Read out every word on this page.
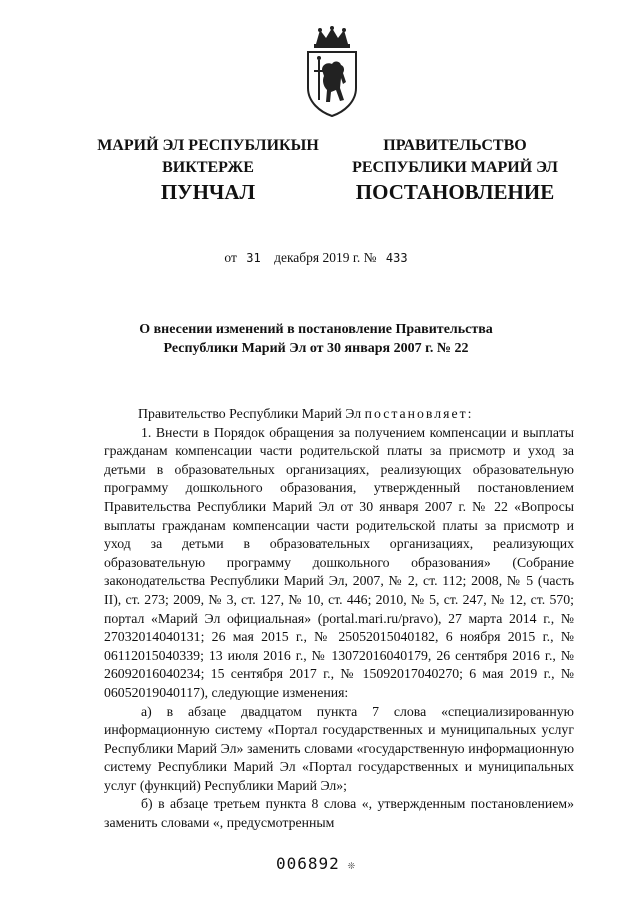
МАРИЙ ЭЛ РЕСПУБЛИКЫН
ВИКТЕРЖЕ
ПУНЧАЛ
ПРАВИТЕЛЬСТВО
РЕСПУБЛИКИ МАРИЙ ЭЛ
ПОСТАНОВЛЕНИЕ
от 31 декабря 2019 г. № 433
О внесении изменений в постановление Правительства
Республики Марий Эл от 30 января 2007 г. № 22

Правительство Республики Марий Эл постановляет:

1. Внести в Порядок обращения за получением компенсации и выплаты гражданам компенсации части родительской платы за присмотр и уход за детьми в образовательных организациях, реализующих образовательную программу дошкольного образования, утвержденный постановлением Правительства Республики Марий Эл от 30 января 2007 г. № 22 «Вопросы выплаты гражданам компенсации части родительской платы за присмотр и уход за детьми в образовательных организациях, реализующих образовательную программу дошкольного образования» (Собрание законодательства Республики Марий Эл, 2007, № 2, ст. 112; 2008, № 5 (часть II), ст. 273; 2009, № 3, ст. 127, № 10, ст. 446; 2010, № 5, ст. 247, № 12, ст. 570; портал «Марий Эл официальная» (portal.mari.ru/pravo), 27 марта 2014 г., № 27032014040131; 26 мая 2015 г., № 25052015040182, 6 ноября 2015 г., № 06112015040339; 13 июля 2016 г., № 13072016040179, 26 сентября 2016 г., № 26092016040234; 15 сентября 2017 г., № 15092017040270; 6 мая 2019 г., № 06052019040117), следующие изменения:

а) в абзаце двадцатом пункта 7 слова «специализированную информационную систему «Портал государственных и муниципальных услуг Республики Марий Эл» заменить словами «государственную информационную систему Республики Марий Эл «Портал государственных и муниципальных услуг (функций) Республики Марий Эл»;

б) в абзаце третьем пункта 8 слова «, утвержденным постановлением» заменить словами «, предусмотренным

006892 ❊
